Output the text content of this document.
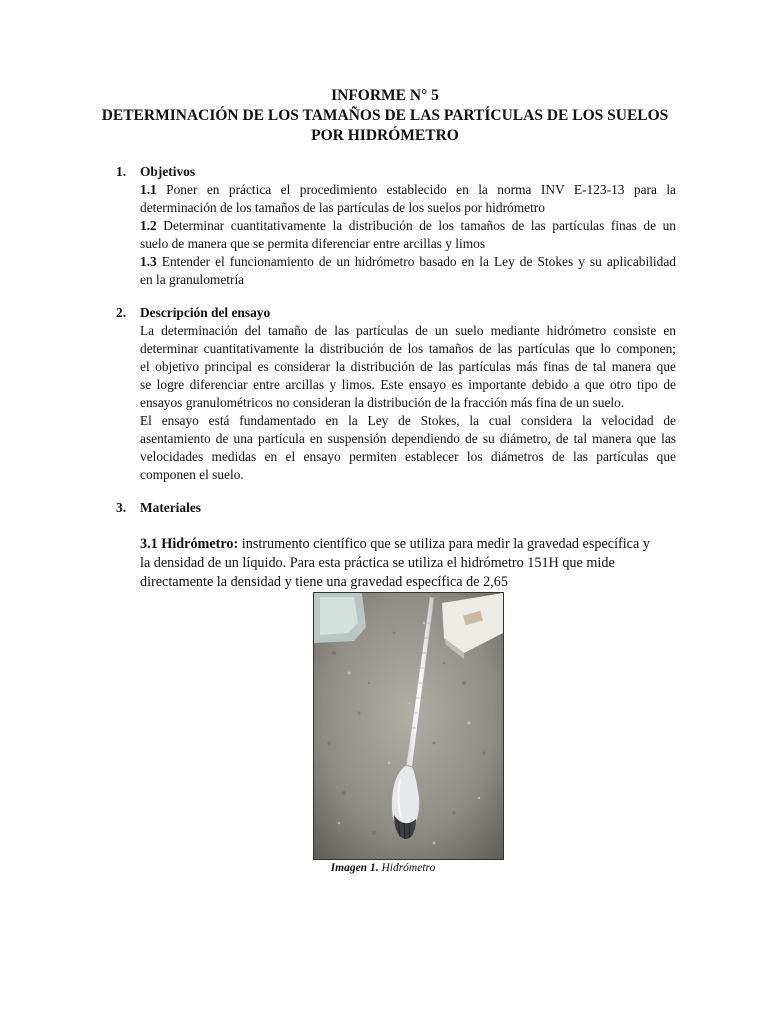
INFORME N° 5
DETERMINACIÓN DE LOS TAMAÑOS DE LAS PARTÍCULAS DE LOS SUELOS
POR HIDRÓMETRO
1. Objetivos

1.1 Poner en práctica el procedimiento establecido en la norma INV E-123-13 para la

determinación de los tamaños de las partículas de los suelos por hidrómetro

1.2 Determinar cuantitativamente la distribución de los tamaños de las partículas finas de un

suelo de manera que se permita diferenciar entre arcillas y limos

1.3 Entender el funcionamiento de un hidrómetro basado en la Ley de Stokes y su aplicabilidad

en la granulometría

2. Descripción del ensayo

La determinación del tamaño de las partículas de un suelo mediante hidrómetro consiste en

determinar cuantitativamente la distribución de los tamaños de las partículas que lo componen;

el objetivo principal es considerar la distribución de las partículas más finas de tal manera que

se logre diferenciar entre arcillas y limos. Este ensayo es importante debido a que otro tipo de

ensayos granulométricos no consideran la distribución de la fracción más fina de un suelo.

El ensayo está fundamentado en la Ley de Stokes, la cual considera la velocidad de

asentamiento de una partícula en suspensión dependiendo de su diámetro, de tal manera que las

velocidades medidas en el ensayo permiten establecer los diámetros de las partículas que

componen el suelo.

3. Materiales

3.1 Hidrómetro: instrumento científico que se utiliza para medir la gravedad específica y

la densidad de un líquido. Para esta práctica se utiliza el hidrómetro 151H que mide

directamente la densidad y tiene una gravedad específica de 2,65

Imagen 1. Hidrómetro
